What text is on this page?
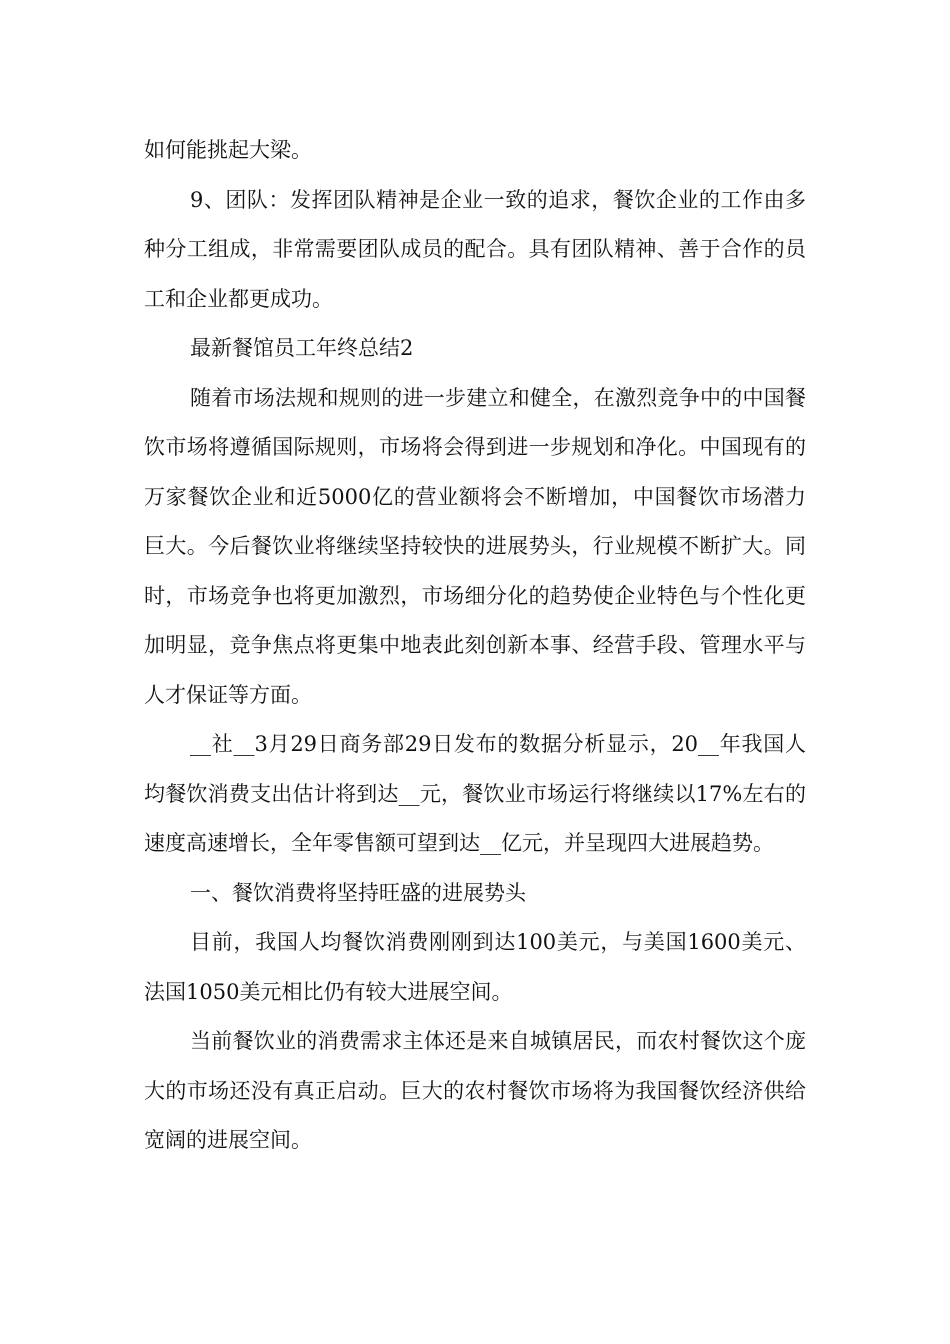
如何能挑起大梁。

9、团队：发挥团队精神是企业一致的追求，餐饮企业的工作由多种分工组成，非常需要团队成员的配合。具有团队精神、善于合作的员工和企业都更成功。

最新餐馆员工年终总结2

随着市场法规和规则的进一步建立和健全，在激烈竞争中的中国餐饮市场将遵循国际规则，市场将会得到进一步规划和净化。中国现有的万家餐饮企业和近5000亿的营业额将会不断增加，中国餐饮市场潜力巨大。今后餐饮业将继续坚持较快的进展势头，行业规模不断扩大。同时，市场竞争也将更加激烈，市场细分化的趋势使企业特色与个性化更加明显，竞争焦点将更集中地表此刻创新本事、经营手段、管理水平与人才保证等方面。

__社__3月29日商务部29日发布的数据分析显示，20__年我国人均餐饮消费支出估计将到达__元，餐饮业市场运行将继续以17%左右的速度高速增长，全年零售额可望到达__亿元，并呈现四大进展趋势。

一、餐饮消费将坚持旺盛的进展势头

目前，我国人均餐饮消费刚刚到达100美元，与美国1600美元、法国1050美元相比仍有较大进展空间。

当前餐饮业的消费需求主体还是来自城镇居民，而农村餐饮这个庞大的市场还没有真正启动。巨大的农村餐饮市场将为我国餐饮经济供给宽阔的进展空间。
